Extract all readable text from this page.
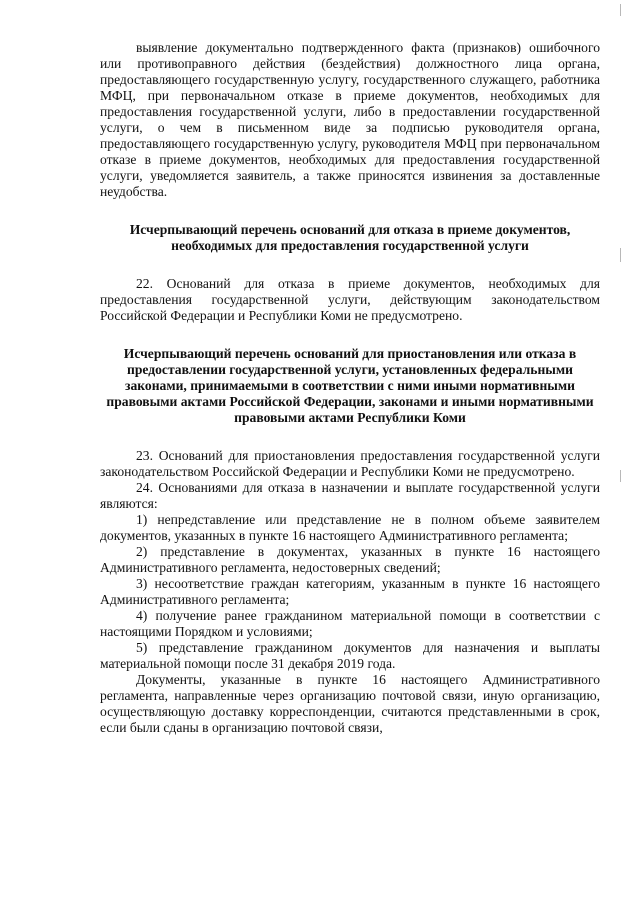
выявление документально подтвержденного факта (признаков) ошибочного или противоправного действия (бездействия) должностного лица органа, предоставляющего государственную услугу, государственного служащего, работника МФЦ, при первоначальном отказе в приеме документов, необходимых для предоставления государственной услуги, либо в предоставлении государственной услуги, о чем в письменном виде за подписью руководителя органа, предоставляющего государственную услугу, руководителя МФЦ при первоначальном отказе в приеме документов, необходимых для предоставления государственной услуги, уведомляется заявитель, а также приносятся извинения за доставленные неудобства.

Исчерпывающий перечень оснований для отказа в приеме документов, необходимых для предоставления государственной услуги

22. Оснований для отказа в приеме документов, необходимых для предоставления государственной услуги, действующим законодательством Российской Федерации и Республики Коми не предусмотрено.

Исчерпывающий перечень оснований для приостановления или отказа в предоставлении государственной услуги, установленных федеральными законами, принимаемыми в соответствии с ними иными нормативными правовыми актами Российской Федерации, законами и иными нормативными правовыми актами Республики Коми

23. Оснований для приостановления предоставления государственной услуги законодательством Российской Федерации и Республики Коми не предусмотрено.

24. Основаниями для отказа в назначении и выплате государственной услуги являются:

1) непредставление или представление не в полном объеме заявителем документов, указанных в пункте 16 настоящего Административного регламента;

2) представление в документах, указанных в пункте 16 настоящего Административного регламента, недостоверных сведений;

3) несоответствие граждан категориям, указанным в пункте 16 настоящего Административного регламента;

4) получение ранее гражданином материальной помощи в соответствии с настоящими Порядком и условиями;

5) представление гражданином документов для назначения и выплаты материальной помощи после 31 декабря 2019 года.

Документы, указанные в пункте 16 настоящего Административного регламента, направленные через организацию почтовой связи, иную организацию, осуществляющую доставку корреспонденции, считаются представленными в срок, если были сданы в организацию почтовой связи,
